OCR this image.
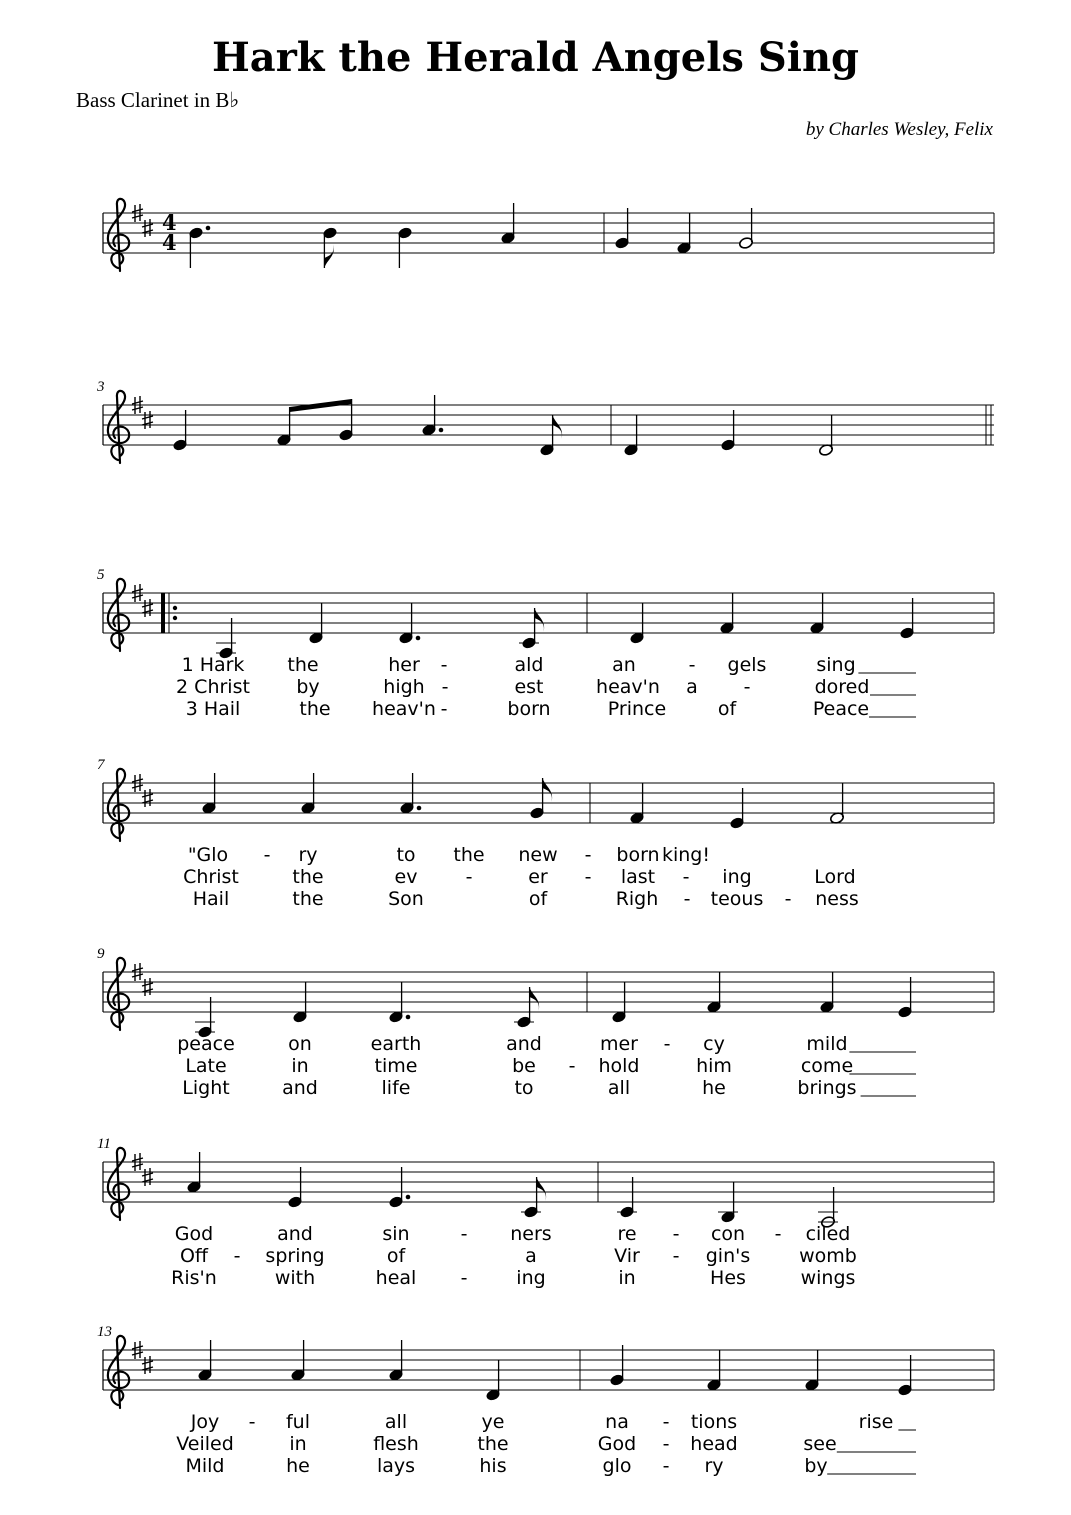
Hark the Herald Angels Sing
Bass Clarinet in B♭
by Charles Wesley, Felix
4
4
3
5
1 Hark the	her -	ald	an	- gels	sing
2 Christ by	high -	est	heav'n a -	dored
3 Hail	the heav'n -	born	Prince	of	Peace
7
"Glo - ry	to the new - born king!
Christ	the	ev	-	er - last - ing	Lord
Hail	the	Son	of	Righ - teous - ness
9
peace	on	earth	and	mer - cy	mild
Late	in	time	be - hold	him	come
Light	and	life	to	all	he	brings
11
God	and	sin	- ners	re - con - ciled
Off - spring	of	a	Vir - gin's	womb
Ris'n	with	heal -	ing	in	Hes	wings
13
Joy - ful	all	ye	na - tions	rise
Veiled	in	flesh	the	God - head	see
Mild	he	lays	his	glo - ry	by
